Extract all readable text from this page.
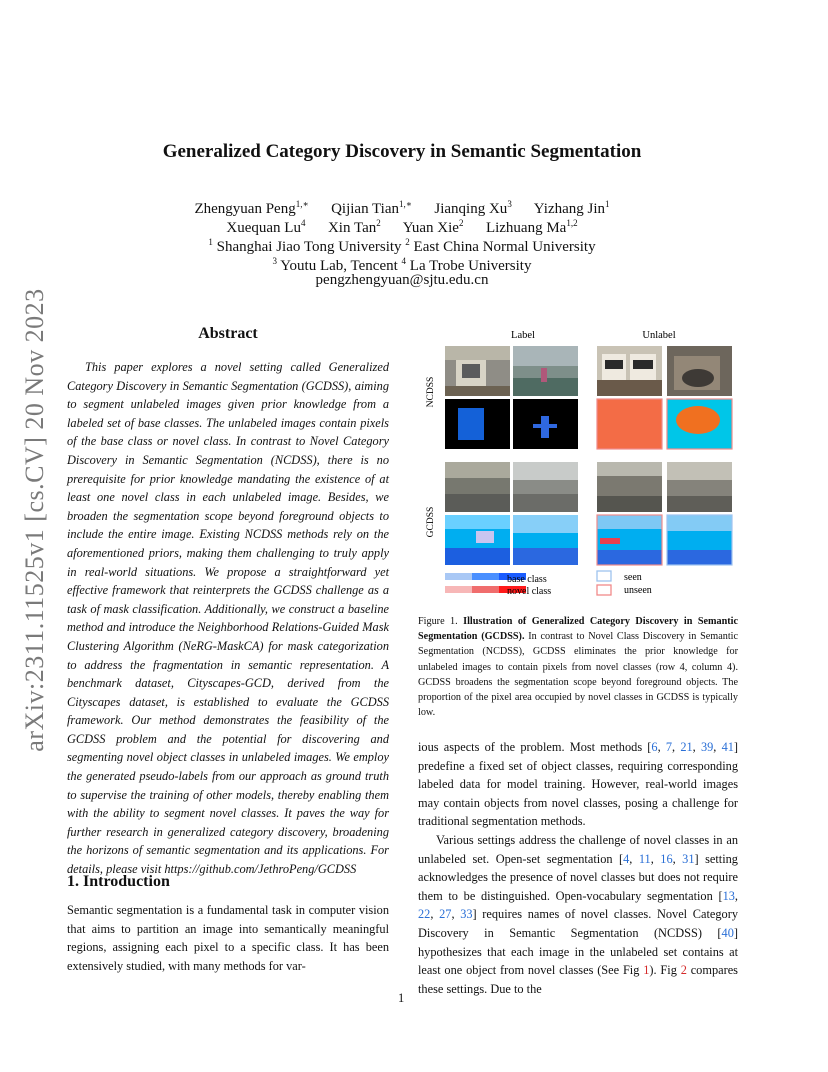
arXiv:2311.11525v1 [cs.CV] 20 Nov 2023
Generalized Category Discovery in Semantic Segmentation
Zhengyuan Peng$^{1,∗}$ Qijian Tian$^{1,∗}$ Jianqing Xu$^3$ Yizhang Jin$^1$
Xuequan Lu$^4$ Xin Tan$^2$ Yuan Xie$^2$ Lizhuang Ma$^{1,2}$
$^1$ Shanghai Jiao Tong University $^2$ East China Normal University
$^3$ Youtu Lab, Tencent $^4$ La Trobe University
pengzhengyuan@sjtu.edu.cn
Abstract

This paper explores a novel setting called Generalized Category Discovery in Semantic Segmentation (GCDSS), aiming to segment unlabeled images given prior knowledge from a labeled set of base classes. The unlabeled images contain pixels of the base class or novel class. In contrast to Novel Category Discovery in Semantic Segmentation (NCDSS), there is no prerequisite for prior knowledge mandating the existence of at least one novel class in each unlabeled image. Besides, we broaden the segmentation scope beyond foreground objects to include the entire image. Existing NCDSS methods rely on the aforementioned priors, making them challenging to truly apply in real-world situations. We propose a straightforward yet effective framework that reinterprets the GCDSS challenge as a task of mask classification. Additionally, we construct a baseline method and introduce the Neighborhood Relations-Guided Mask Clustering Algorithm (NeRG-MaskCA) for mask categorization to address the fragmentation in semantic representation. A benchmark dataset, Cityscapes-GCD, derived from the Cityscapes dataset, is established to evaluate the GCDSS framework. Our method demonstrates the feasibility of the GCDSS problem and the potential for discovering and segmenting novel object classes in unlabeled images. We employ the generated pseudo-labels from our approach as ground truth to supervise the training of other models, thereby enabling them with the ability to segment novel classes. It paves the way for further research in generalized category discovery, broadening the horizons of semantic segmentation and its applications. For details, please visit https://github.com/JethroPeng/GCDSS

1. Introduction

Semantic segmentation is a fundamental task in computer vision that aims to partition an image into semantically meaningful regions, assigning each pixel to a specific class. It has been extensively studied, with many methods for var-

Label	Unlabel
NCDSS
GCDSS
base class
novel class
seen
unseen

Figure 1. Illustration of Generalized Category Discovery in Semantic Segmentation (GCDSS). In contrast to Novel Class Discovery in Semantic Segmentation (NCDSS), GCDSS eliminates the prior knowledge for unlabeled images to contain pixels from novel classes (row 4, column 4). GCDSS broadens the segmentation scope beyond foreground objects. The proportion of the pixel area occupied by novel classes in GCDSS is typically low.

ious aspects of the problem. Most methods [6, 7, 21, 39, 41] predefine a fixed set of object classes, requiring corresponding labeled data for model training. However, real-world images may contain objects from novel classes, posing a challenge for traditional segmentation methods.

Various settings address the challenge of novel classes in an unlabeled set. Open-set segmentation [4, 11, 16, 31] setting acknowledges the presence of novel classes but does not require them to be distinguished. Open-vocabulary segmentation [13, 22, 27, 33] requires names of novel classes. Novel Category Discovery in Semantic Segmentation (NCDSS) [40] hypothesizes that each image in the unlabeled set contains at least one object from novel classes (See Fig 1). Fig 2 compares these settings. Due to the

1
